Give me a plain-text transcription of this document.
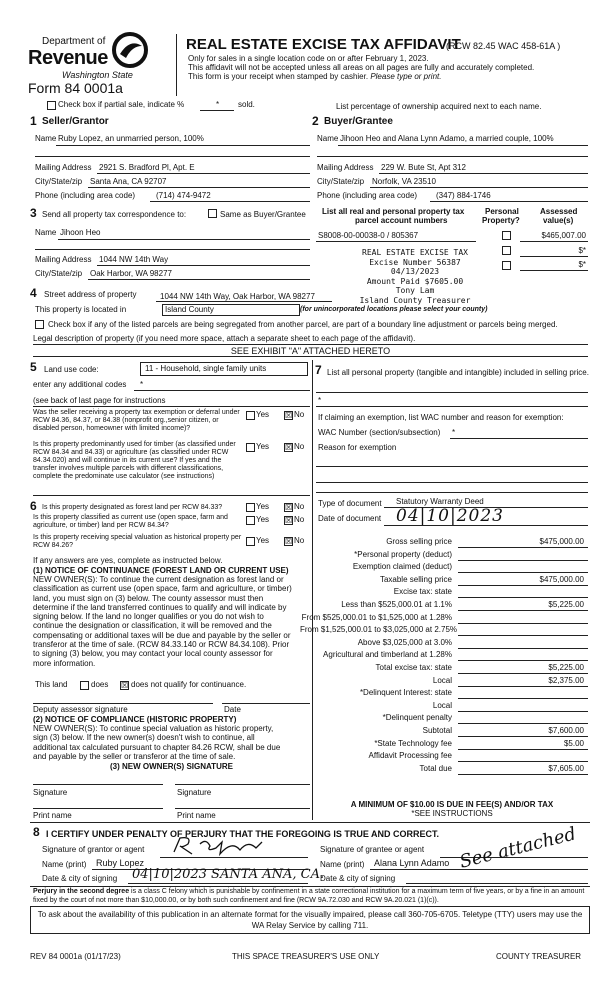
Department of
Revenue
Washington State
Form 84 0001a
REAL ESTATE EXCISE TAX AFFIDAVIT
(RCW 82.45 WAC 458-61A )
Only for sales in a single location code on or after February 1, 2023.
This affidavit will not be accepted unless all areas on all pages are fully and accurately completed.
This form is your receipt when stamped by cashier. Please type or print.
Check box if partial sale, indicate %	* sold.	List percentage of ownership acquired next to each name.
1 Seller/Grantor
Name Ruby Lopez, an unmarried person, 100%
Mailing Address 2921 S. Bradford Pl, Apt. E
City/State/zip Santa Ana, CA 92707
Phone (including area code)	(714) 474-9472
2 Buyer/Grantee
Name Jihoon Heo and Alana Lynn Adamo, a married couple, 100%
Mailing Address 229 W. Bute St, Apt 312
City/State/zip Norfolk, VA 23510
Phone (including area code) (347) 884-1746
3 Send all property tax correspondence to:	Same as Buyer/Grantee
Name Jihoon Heo
Mailing Address 1044 NW 14th Way
City/State/zip Oak Harbor, WA 98277
List all real and personal property tax
parcel account numbers
Personal
Property?
Assessed
value(s)
S8008-00-00038-0 / 805367	$465,007.00
$*
$*
REAL ESTATE EXCISE TAX
Excise Number 56387
04/13/2023
Amount Paid $7605.00
Tony Lam
Island County Treasurer
4 Street address of property	1044 NW 14th Way, Oak Harbor, WA 98277
This property is located in	Island County	(for unincorporated locations please select your county)
Check box if any of the listed parcels are being segregated from another parcel, are part of a boundary line adjustment or parcels being merged.
Legal description of property (if you need more space, attach a separate sheet to each page of the affidavit).
SEE EXHIBIT "A" ATTACHED HERETO
5 Land use code:	11 - Household, single family units
enter any additional codes *
(see back of last page for instructions
Was the seller receiving a property tax exemption or deferral under RCW 84.36, 84.37, or 84.38 (nonprofit org.,senior citizen, or disabled person, homeowner with limited income)?
Yes ☒ No
Is this property predominantly used for timber (as classified under RCW 84.34 and 84.33) or agriculture (as classified under RCW 84.34.020) and will continue in its current use? If yes and the transfer involves multiple parcels with different classifications, complete the predominate use calculator (see instructions)
Yes ☒ No
6 Is this property designated as forest land per RCW 84.33?	Yes ☒ No
Is this property classified as current use (open space, farm and agriculture, or timber) land per RCW 84.34?
Yes ☒ No
Is this property receiving special valuation as historical property per RCW 84.26?
Yes ☒ No
If any answers are yes, complete as instructed below.
(1) NOTICE OF CONTINUANCE (FOREST LAND OR CURRENT USE)
NEW OWNER(S): To continue the current designation as forest land or
classification as current use (open space, farm and agriculture, or timber)
land, you must sign on (3) below. The county assessor must then
determine if the land transferred continues to qualify and will indicate by
signing below. If the land no longer qualifies or you do not wish to
continue the designation or classification, it will be removed and the
compensating or additional taxes will be due and payable by the seller or
transferor at the time of sale. (RCW 84.33.140 or RCW 84.34.108). Prior
to signing (3) below, you may contact your local county assessor for
more information.
This land	does ☒ does not qualify for continuance.
Deputy assessor signature	Date
(2) NOTICE OF COMPLIANCE (HISTORIC PROPERTY)
NEW OWNER(S): To continue special valuation as historic property,
sign (3) below. If the new owner(s) doesn't wish to continue, all
additional tax calculated pursuant to chapter 84.26 RCW, shall be due
and payable by the seller or transferor at the time of sale.
(3) NEW OWNER(S) SIGNATURE
Signature	Signature
Print name	Print name
7 List all personal property (tangible and intangible) included in selling price.
*
If claiming an exemption, list WAC number and reason for exemption:
WAC Number (section/subsection) *
Reason for exemption
Type of document Statutory Warranty Deed
Date of document 04|10|2023
Gross selling price	$475,000.00
*Personal property (deduct)
Exemption claimed (deduct)
Taxable selling price	$475,000.00
Excise tax: state
Less than $525,000.01 at 1.1%	$5,225.00
From $525,000.01 to $1,525,000 at 1.28%
From $1,525,000.01 to $3,025,000 at 2.75%
Above $3,025,000 at 3.0%
Agricultural and timberland at 1.28%
Total excise tax: state	$5,225.00
Local	$2,375.00
*Delinquent Interest: state
Local
*Delinquent penalty
Subtotal	$7,600.00
*State Technology fee	$5.00
Affidavit Processing fee
Total due	$7,605.00
A MINIMUM OF $10.00 IS DUE IN FEE(S) AND/OR TAX
*SEE INSTRUCTIONS
8 I CERTIFY UNDER PENALTY OF PERJURY THAT THE FOREGOING IS TRUE AND CORRECT.
Signature of grantor or agent
Name (print) Ruby Lopez
Date & city of signing 04|10|2023 SANTA ANA, CA.
Signature of grantee or agent
Name (print) Alana Lynn Adamo
Date & city of signing
See attached
Perjury in the second degree is a class C felony which is punishable by confinement in a state correctional institution for a maximum term of five years, or by a fine in an amount fixed by the court of not more than $10,000.00, or by both such confinement and fine (RCW 9A.72.030 and RCW 9A.20.021 (1)(c)).
To ask about the availability of this publication in an alternate format for the visually impaired, please call 360-705-6705. Teletype (TTY) users may use the WA Relay Service by calling 711.
REV 84 0001a (01/17/23)	THIS SPACE TREASURER'S USE ONLY	COUNTY TREASURER
